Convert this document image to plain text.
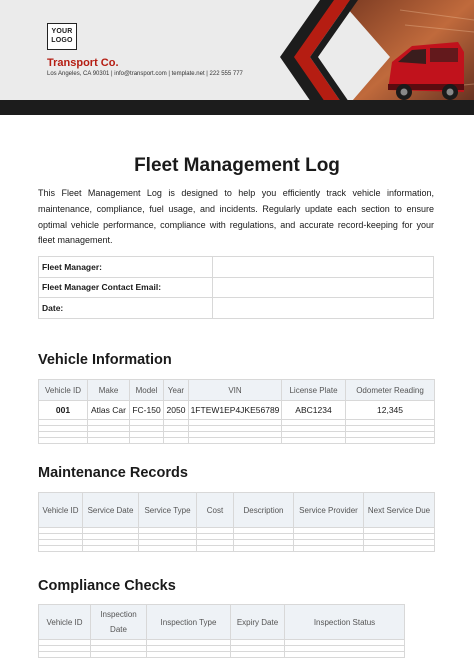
YOUR
LOGO
Transport Co.
Los Angeles, CA 90301 | info@transport.com | template.net | 222 555 777
Fleet Management Log
This Fleet Management Log is designed to help you efficiently track vehicle information, maintenance, compliance, fuel usage, and incidents. Regularly update each section to ensure optimal vehicle performance, compliance with regulations, and accurate record-keeping for your fleet management.
Fleet Manager:	
Fleet Manager Contact Email:	
Date:	
Vehicle Information
Vehicle ID	Make	Model	Year	VIN	License Plate	Odometer Reading
001	Atlas Car	FC-150	2050	1FTEW1EP4JKE56789	ABC1234	12,345

Maintenance Records
Vehicle ID	Service Date	Service Type	Cost	Description	Service Provider	Next Service Due

Compliance Checks
Vehicle ID	Inspection Date	Inspection Type	Expiry Date	Inspection Status
